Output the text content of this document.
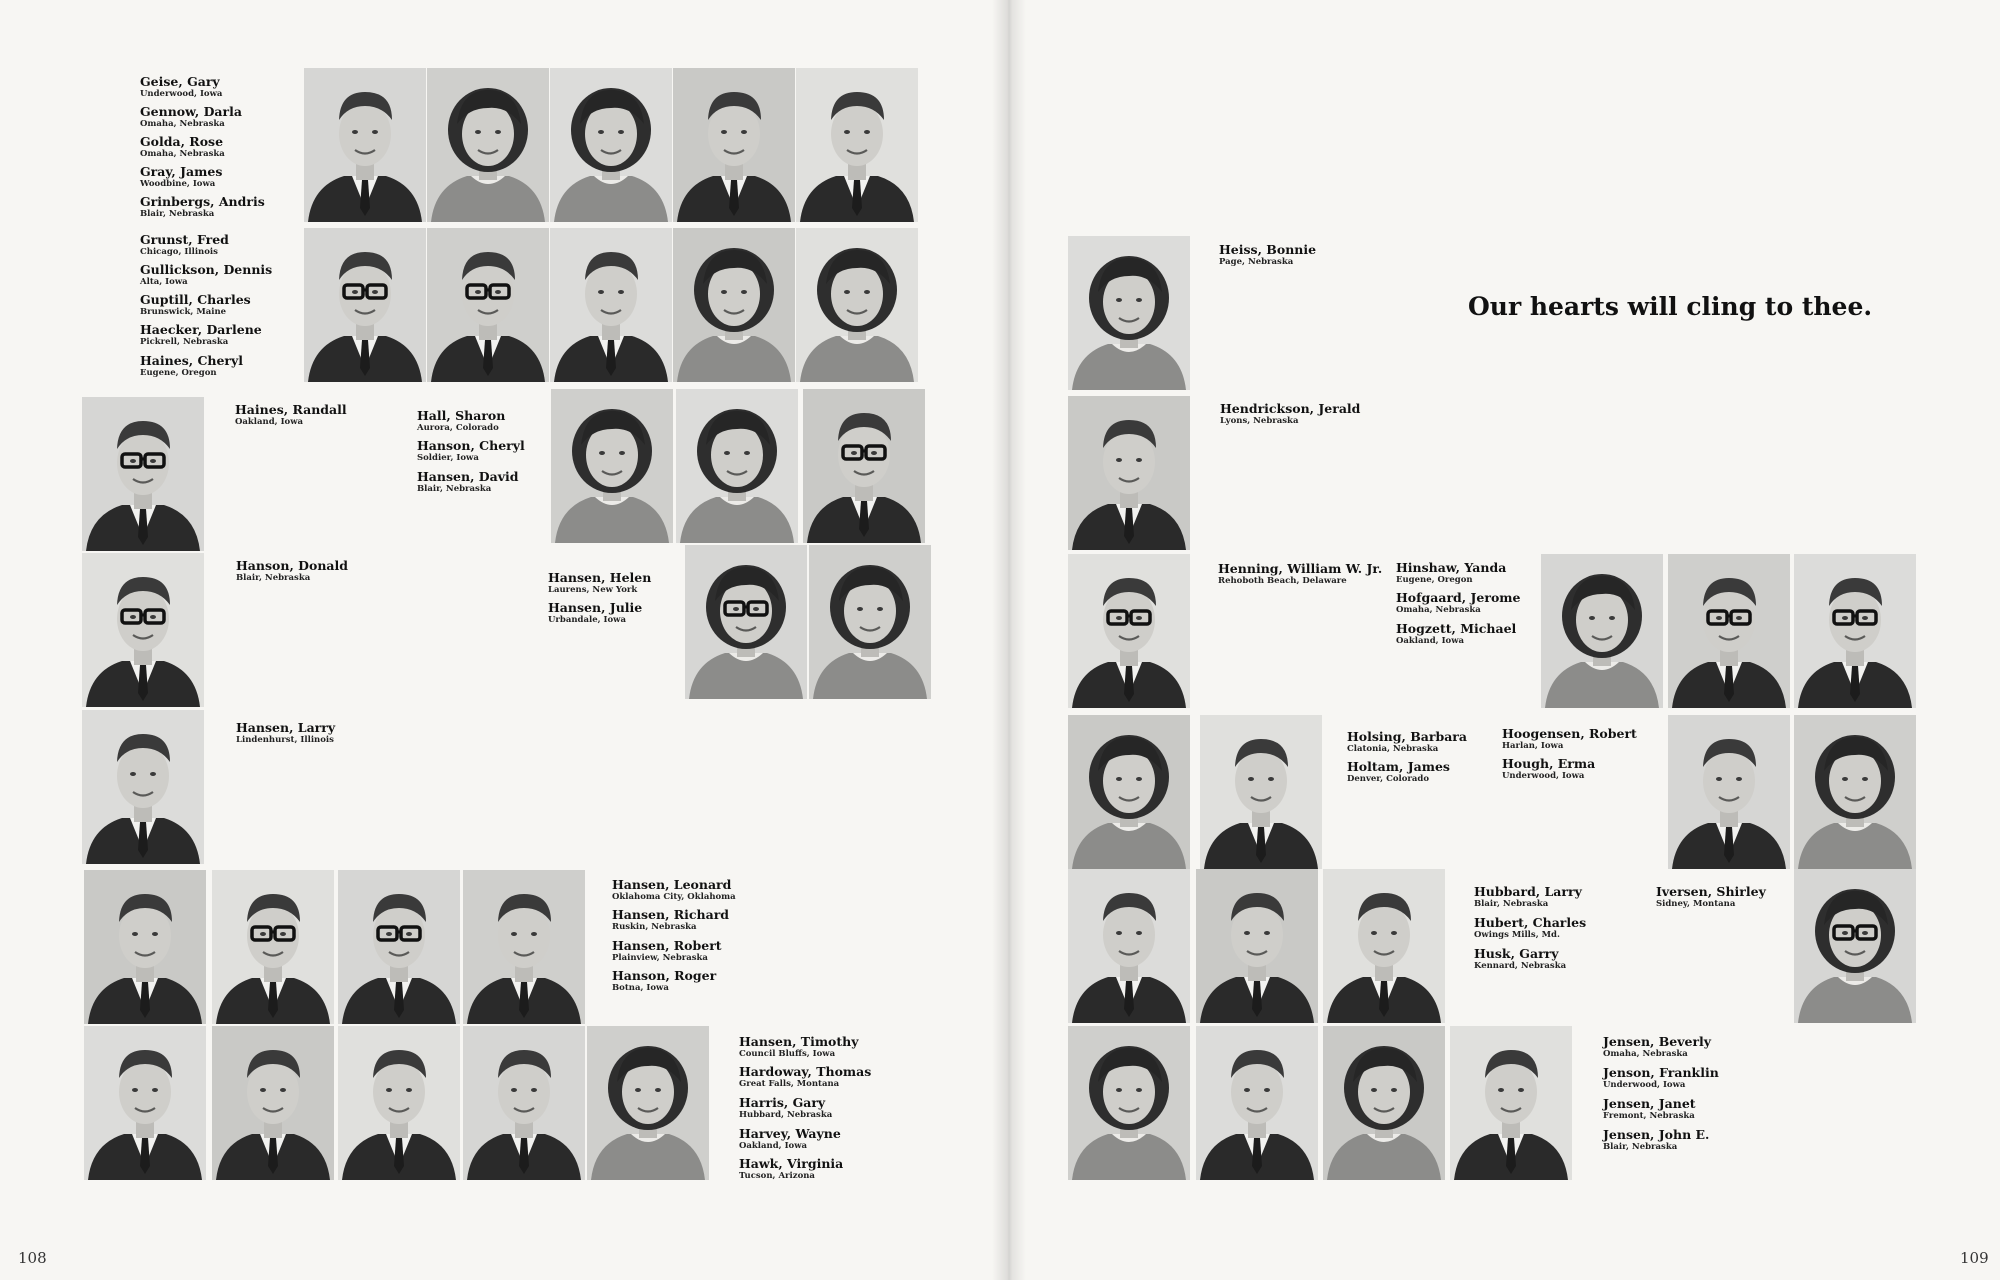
Geise, Gary
Underwood, Iowa
Gennow, Darla
Omaha, Nebraska
Golda, Rose
Omaha, Nebraska
Gray, James
Woodbine, Iowa
Grinbergs, Andris
Blair, Nebraska
Grunst, Fred
Chicago, Illinois
Gullickson, Dennis
Alta, Iowa
Guptill, Charles
Brunswick, Maine
Haecker, Darlene
Pickrell, Nebraska
Haines, Cheryl
Eugene, Oregon
Haines, Randall
Oakland, Iowa	Hall, Sharon
Aurora, Colorado
Hanson, Cheryl
Soldier, Iowa
Hansen, David
Blair, Nebraska
Hanson, Donald
Blair, Nebraska	Hansen, Helen
Laurens, New York
Hansen, Julie
Urbandale, Iowa
Hansen, Larry
Lindenhurst, Illinois
Hansen, Leonard
Oklahoma City, Oklahoma
Hansen, Richard
Ruskin, Nebraska
Hansen, Robert
Plainview, Nebraska
Hanson, Roger
Botna, Iowa
Hansen, Timothy
Council Bluffs, Iowa
Hardoway, Thomas
Great Falls, Montana
Harris, Gary
Hubbard, Nebraska
Harvey, Wayne
Oakland, Iowa
Hawk, Virginia
Tucson, Arizona
108
Heiss, Bonnie
Page, Nebraska
Hendrickson, Jerald
Lyons, Nebraska
Henning, William W. Jr.
Rehoboth Beach, Delaware
Hinshaw, Yanda
Eugene, Oregon
Hofgaard, Jerome
Omaha, Nebraska
Hogzett, Michael
Oakland, Iowa
Holsing, Barbara
Clatonia, Nebraska
Holtam, James
Denver, Colorado
Hoogensen, Robert
Harlan, Iowa
Hough, Erma
Underwood, Iowa
Hubbard, Larry
Blair, Nebraska
Hubert, Charles
Owings Mills, Md.
Husk, Garry
Kennard, Nebraska
Iversen, Shirley
Sidney, Montana
Jensen, Beverly
Omaha, Nebraska
Jenson, Franklin
Underwood, Iowa
Jensen, Janet
Fremont, Nebraska
Jensen, John E.
Blair, Nebraska
Our hearts will cling to thee.
109
